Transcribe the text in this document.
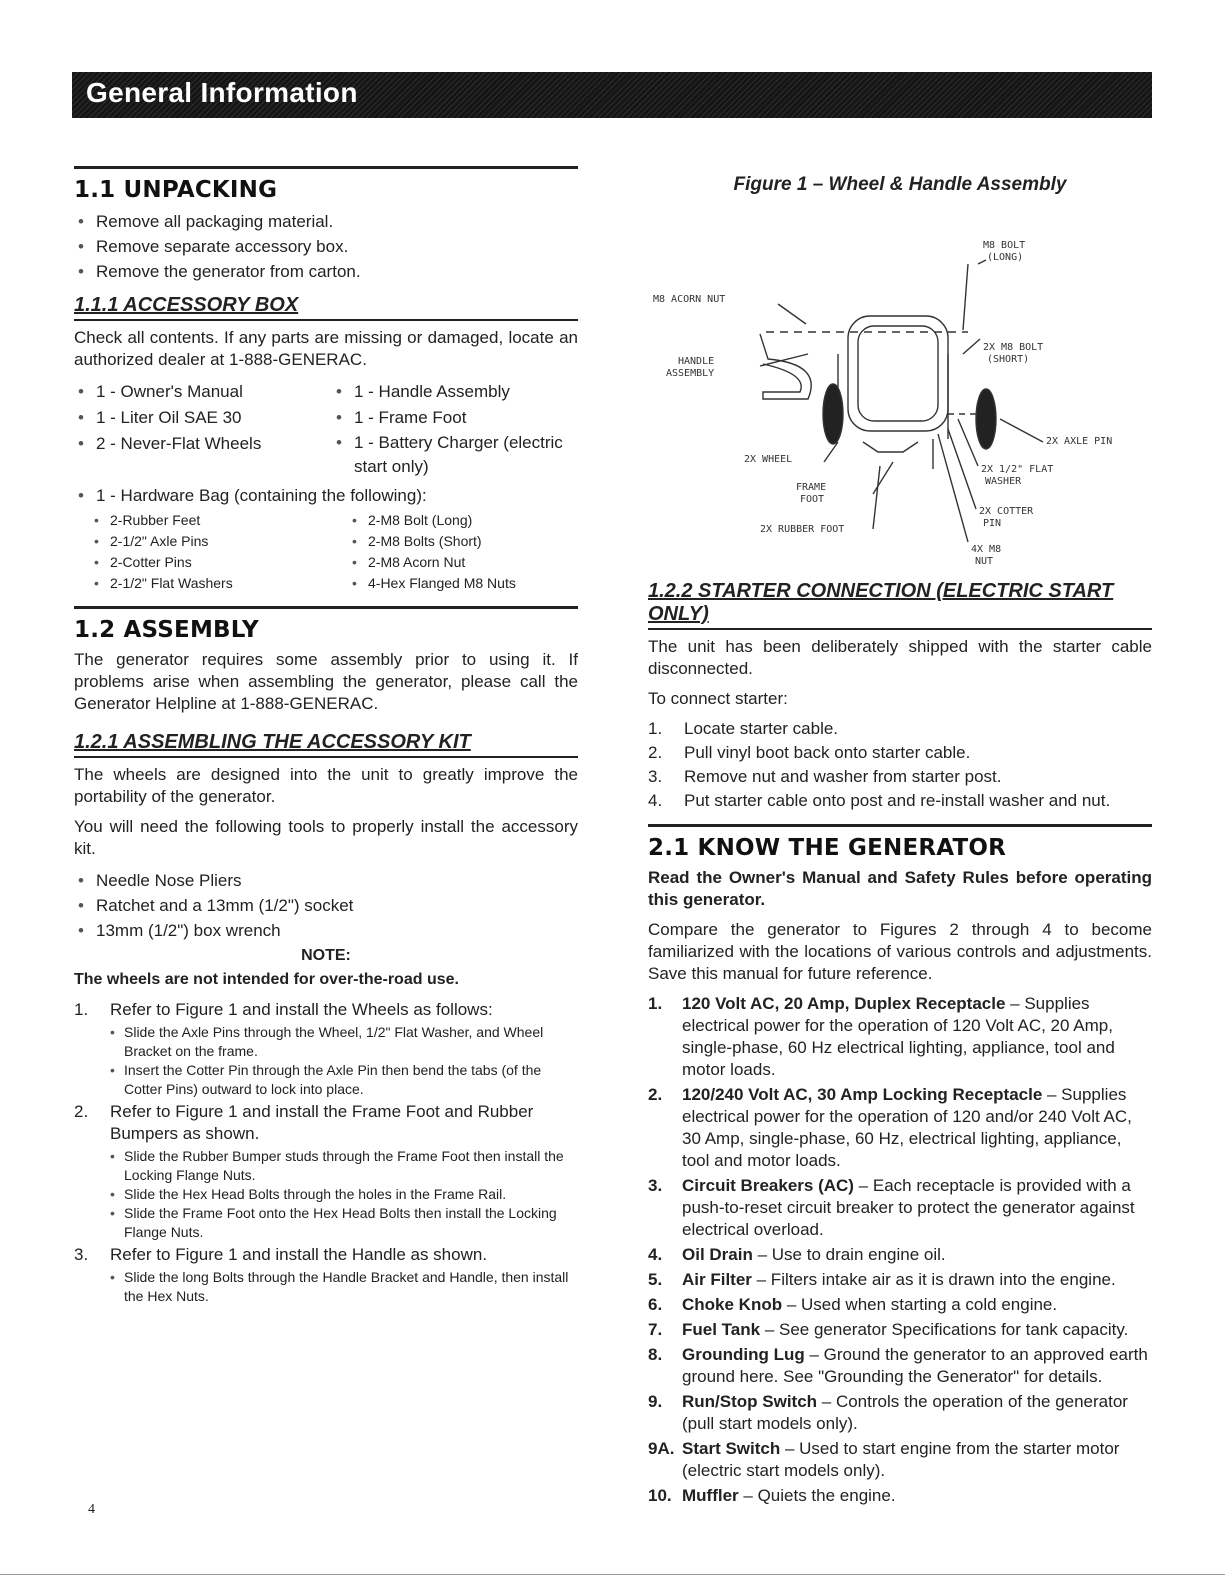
General Information
1.1 UNPACKING
• Remove all packaging material.
• Remove separate accessory box.
• Remove the generator from carton.
1.1.1 ACCESSORY BOX

Check all contents. If any parts are missing or damaged, locate an authorized dealer at 1-888-GENERAC.

• 1 - Owner's Manual	• 1 - Handle Assembly
• 1 - Liter Oil SAE 30	• 1 - Frame Foot
• 2 - Never-Flat Wheels	• 1 - Battery Charger (electric start only)
• 1 - Hardware Bag (containing the following):
• 2-Rubber Feet	• 2-M8 Bolt (Long)
• 2-1/2" Axle Pins	• 2-M8 Bolts (Short)
• 2-Cotter Pins	• 2-M8 Acorn Nut
• 2-1/2" Flat Washers	• 4-Hex Flanged M8 Nuts
1.2 ASSEMBLY

The generator requires some assembly prior to using it. If problems arise when assembling the generator, please call the Generator Helpline at 1-888-GENERAC.

1.2.1 ASSEMBLING THE ACCESSORY KIT

The wheels are designed into the unit to greatly improve the portability of the generator.

You will need the following tools to properly install the accessory kit.

• Needle Nose Pliers
• Ratchet and a 13mm (1/2") socket
• 13mm (1/2") box wrench
NOTE:
The wheels are not intended for over-the-road use.
1. Refer to Figure 1 and install the Wheels as follows:
• Slide the Axle Pins through the Wheel, 1/2" Flat Washer, and Wheel Bracket on the frame.
• Insert the Cotter Pin through the Axle Pin then bend the tabs (of the Cotter Pins) outward to lock into place.
2. Refer to Figure 1 and install the Frame Foot and Rubber Bumpers as shown.
• Slide the Rubber Bumper studs through the Frame Foot then install the Locking Flange Nuts.
• Slide the Hex Head Bolts through the holes in the Frame Rail.
• Slide the Frame Foot onto the Hex Head Bolts then install the Locking Flange Nuts.
3. Refer to Figure 1 and install the Handle as shown.
• Slide the long Bolts through the Handle Bracket and Handle, then install the Hex Nuts.
Figure 1 – Wheel & Handle Assembly
M8 BOLT
(LONG)
M8 ACORN NUT
HANDLE
ASSEMBLY
2X M8 BOLT
(SHORT)
2X AXLE PIN
2X WHEEL
2X 1/2" FLAT
WASHER
FRAME
FOOT
2X COTTER
PIN
2X RUBBER FOOT
4X M8
NUT
1.2.2 STARTER CONNECTION (ELECTRIC START ONLY)

The unit has been deliberately shipped with the starter cable disconnected.

To connect starter:

1. Locate starter cable.
2. Pull vinyl boot back onto starter cable.
3. Remove nut and washer from starter post.
4. Put starter cable onto post and re-install washer and nut.
2.1 KNOW THE GENERATOR

Read the Owner's Manual and Safety Rules before operating this generator.

Compare the generator to Figures 2 through 4 to become familiarized with the locations of various controls and adjustments. Save this manual for future reference.

1. 120 Volt AC, 20 Amp, Duplex Receptacle – Supplies electrical power for the operation of 120 Volt AC, 20 Amp, single-phase, 60 Hz electrical lighting, appliance, tool and motor loads.
2. 120/240 Volt AC, 30 Amp Locking Receptacle – Supplies electrical power for the operation of 120 and/or 240 Volt AC, 30 Amp, single-phase, 60 Hz, electrical lighting, appliance, tool and motor loads.
3. Circuit Breakers (AC) – Each receptacle is provided with a push-to-reset circuit breaker to protect the generator against electrical overload.
4. Oil Drain – Use to drain engine oil.
5. Air Filter – Filters intake air as it is drawn into the engine.
6. Choke Knob – Used when starting a cold engine.
7. Fuel Tank – See generator Specifications for tank capacity.
8. Grounding Lug – Ground the generator to an approved earth ground here. See "Grounding the Generator" for details.
9. Run/Stop Switch – Controls the operation of the generator (pull start models only).
9A. Start Switch – Used to start engine from the starter motor (electric start models only).
10. Muffler – Quiets the engine.
4
